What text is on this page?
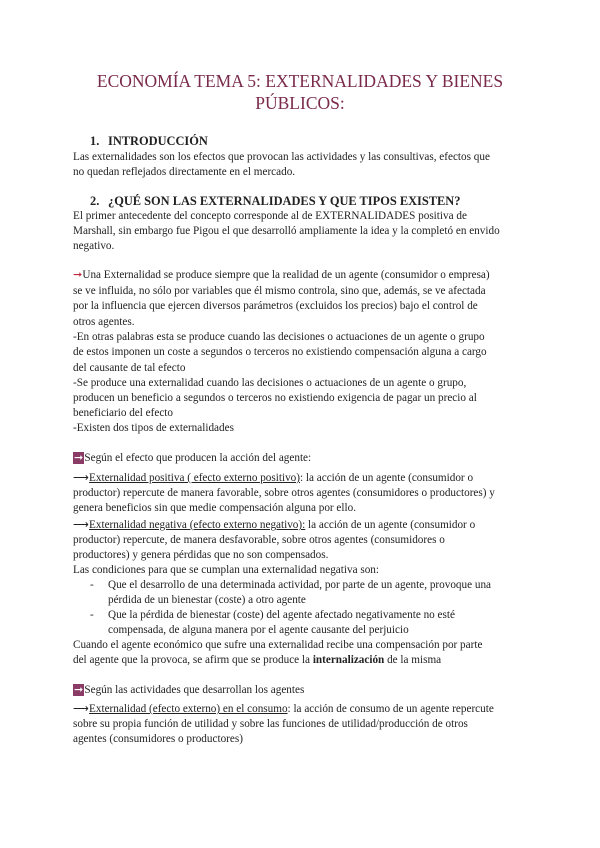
ECONOMÍA TEMA 5: EXTERNALIDADES Y BIENES
PÚBLICOS:
1. INTRODUCCIÓN
Las externalidades son los efectos que provocan las actividades y las consultivas, efectos que
no quedan reflejados directamente en el mercado.
2. ¿QUÉ SON LAS EXTERNALIDADES Y QUE TIPOS EXISTEN?
El primer antecedente del concepto corresponde al de EXTERNALIDADES positiva de
Marshall, sin embargo fue Pigou el que desarrolló ampliamente la idea y la completó en envido
negativo.
➞Una Externalidad se produce siempre que la realidad de un agente (consumidor o empresa)
se ve influida, no sólo por variables que él mismo controla, sino que, además, se ve afectada
por la influencia que ejercen diversos parámetros (excluidos los precios) bajo el control de
otros agentes.
-En otras palabras esta se produce cuando las decisiones o actuaciones de un agente o grupo
de estos imponen un coste a segundos o terceros no existiendo compensación alguna a cargo
del causante de tal efecto
-Se produce una externalidad cuando las decisiones o actuaciones de un agente o grupo,
producen un beneficio a segundos o terceros no existiendo exigencia de pagar un precio al
beneficiario del efecto
-Existen dos tipos de externalidades
➞Según el efecto que producen la acción del agente:
⟶Externalidad positiva ( efecto externo positivo): la acción de un agente (consumidor o
productor) repercute de manera favorable, sobre otros agentes (consumidores o productores) y
genera beneficios sin que medie compensación alguna por ello.
⟶Externalidad negativa (efecto externo negativo): la acción de un agente (consumidor o
productor) repercute, de manera desfavorable, sobre otros agentes (consumidores o
productores) y genera pérdidas que no son compensados.
Las condiciones para que se cumplan una externalidad negativa son:
- Que el desarrollo de una determinada actividad, por parte de un agente, provoque una
pérdida de un bienestar (coste) a otro agente
- Que la pérdida de bienestar (coste) del agente afectado negativamente no esté
compensada, de alguna manera por el agente causante del perjuicio
Cuando el agente económico que sufre una externalidad recibe una compensación por parte
del agente que la provoca, se afirm que se produce la internalización de la misma
➞Según las actividades que desarrollan los agentes
⟶Externalidad (efecto externo) en el consumo: la acción de consumo de un agente repercute
sobre su propia función de utilidad y sobre las funciones de utilidad/producción de otros
agentes (consumidores o productores)
